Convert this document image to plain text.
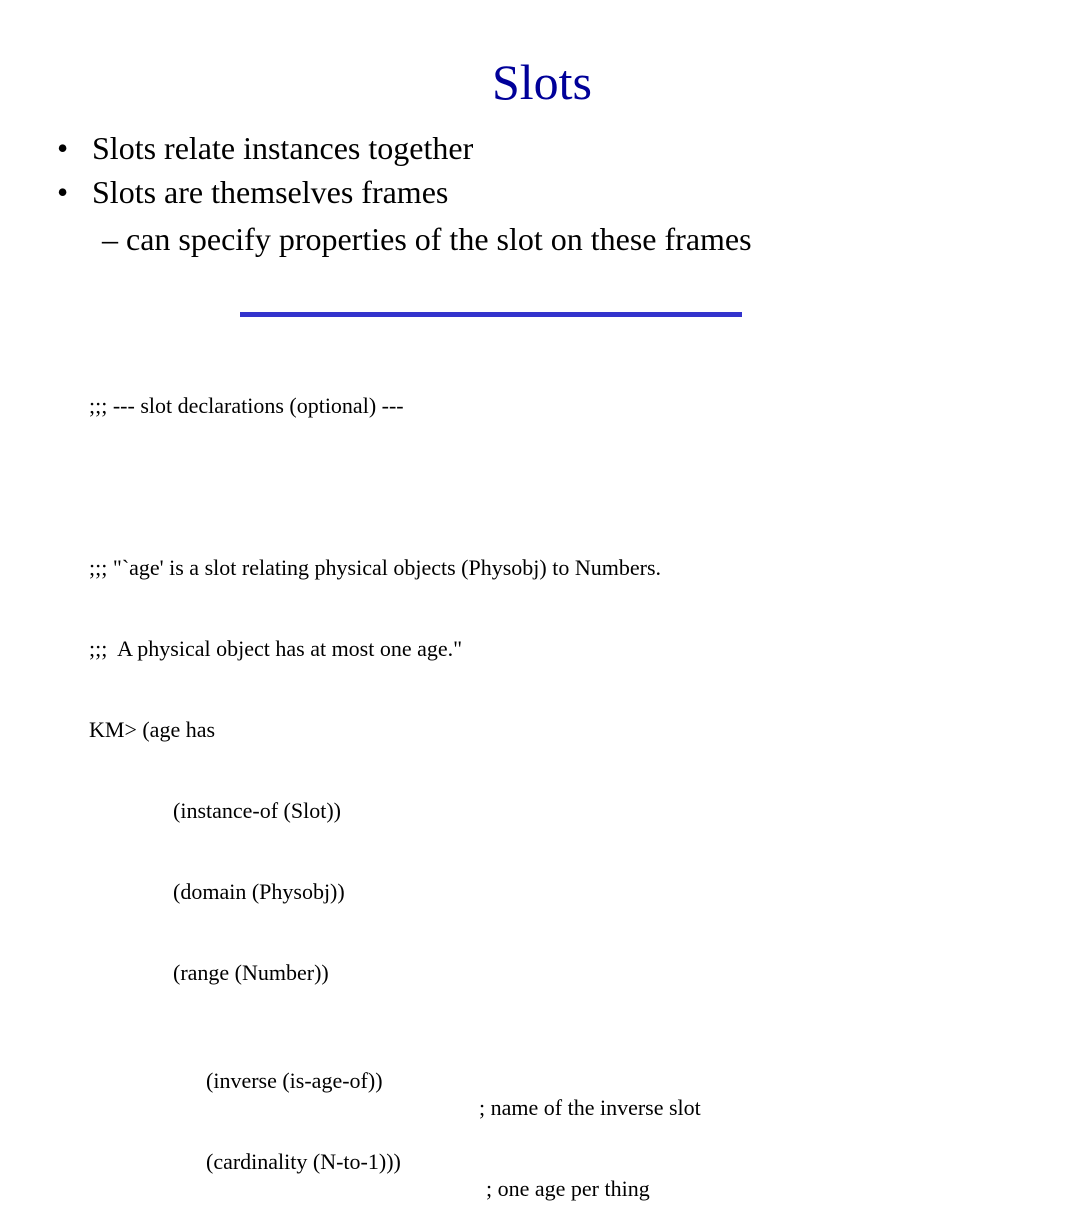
Slots
• Slots relate instances together
• Slots are themselves frames
– can specify properties of the slot on these frames

;;; --- slot declarations (optional) ---

;;; "`age' is a slot relating physical objects (Physobj) to Numbers.

;;;  A physical object has at most one age."

KM> (age has

(instance-of (Slot))

(domain (Physobj))

(range (Number))

(inverse (is-age-of))

; name of the inverse slot

(cardinality (N-to-1)))

; one age per thing
